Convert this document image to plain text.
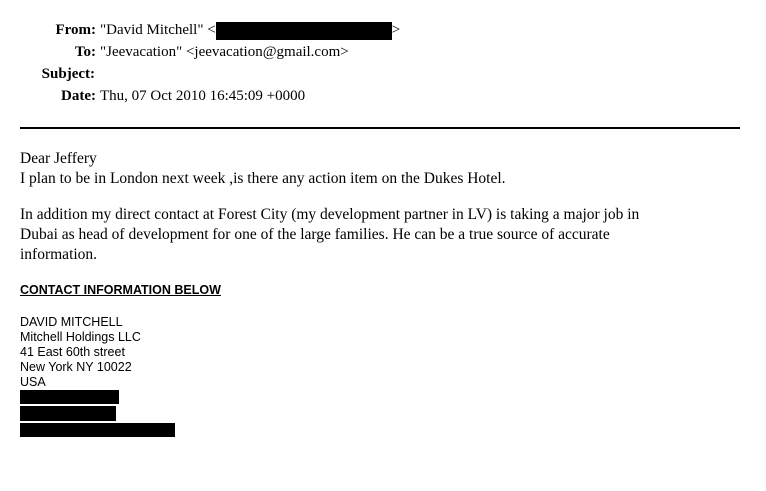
From: "David Mitchell" <	>
To: "Jeevacation" <jeevacation@gmail.com>
Subject:
Date: Thu, 07 Oct 2010 16:45:09 +0000
Dear Jeffery
I plan to be in London next week ,is there any action item on the Dukes Hotel.
In addition my direct contact at Forest City (my development partner in LV) is taking a major job in
Dubai as head of development for one of the large families. He can be a true source of accurate
information.
CONTACT INFORMATION BELOW
DAVID MITCHELL
Mitchell Holdings LLC
41 East 60th street
New York NY 10022
USA
